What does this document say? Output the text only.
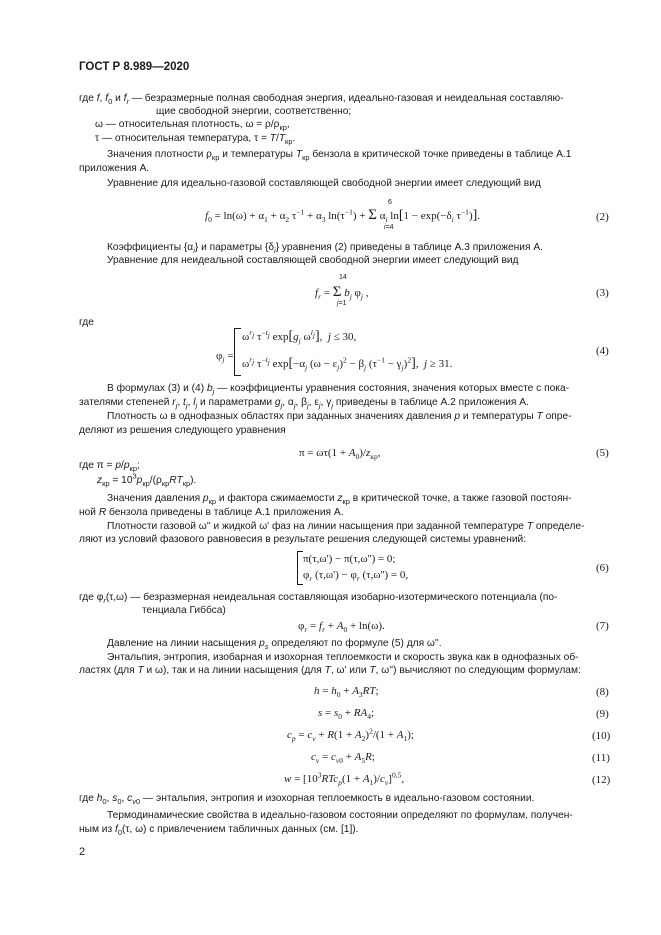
ГОСТ Р 8.989—2020
где f, $f_0$ и $f_r$ — безразмерные полная свободная энергия, идеально-газовая и неидеальная составляю-
щие свободной энергии, соответственно;
ω — относительная плотность, $\omega = \rho/\rho_{кр}$,
τ — относительная температура, $\tau = T/T_{кр}$.
Значения плотности $\rho_{кр}$ и температуры $T_{кр}$ бензола в критической точке приведены в таблице А.1
приложения А.
Уравнение для идеально-газовой составляющей свободной энергии имеет следующий вид
$f_0 = \ln(\omega) + \alpha_1 + \alpha_2$ $\tau^{-1} + \alpha_3$ $\ln(\tau^{-1}) + \Sigma$ $\alpha_i$ $\ln[1 - \exp(-\delta_i$ $\tau^{-1}$)].
6
i=4
(2)
Коэффициенты $\{\alpha_i\}$ и параметры $\{\delta_i\}$ уравнения (2) приведены в таблице А.3 приложения А.
Уравнение для неидеальной составляющей свободной энергии имеет следующий вид
14
$f_r = \Sigma$ $b_j$ $\varphi_j$ ,
j=1
(3)
где
$\varphi_j$ =
$\omega^{r_j}$ $\tau^{-t_j}$ $\exp[g_j$ $\omega^{l_j}$],  j ≤ 30,
$\omega^{r_j}$ $\tau^{-t_j}$ $\exp[-\alpha_j$ $(\omega - \varepsilon_j)^2 - \beta_j$ $(\tau^{-1} - \gamma_j)^2$],  j ≥ 31.
(4)
В формулах (3) и (4) $b_j$ — коэффициенты уравнения состояния, значения которых вместе с пока-
зателями степеней $r_j$, $t_j$, $l_j$ и параметрами $g_j$, $\alpha_j$, $\beta_j$, $\varepsilon_j$, $\gamma_j$ приведены в таблице А.2 приложения А.
Плотность ω в однофазных областях при заданных значениях давления p и температуры T опре-
деляют из решения следующего уравнения
$\pi = \omega\tau(1 + A_0)/z_{кр}$,	(5)
где $\pi = p/p_{кр}$;
$z_{кр} = 10^3p_{кр}/(\rho_{кр}RT_{кр})$.
Значения давления $p_{кр}$ и фактора сжимаемости $z_{кр}$ в критической точке, а также газовой постоян-
ной R бензола приведены в таблице А.1 приложения А.
Плотности газовой ω'' и жидкой ω' фаз на линии насыщения при заданной температуре T определе-
ляют из условий фазового равновесия в результате решения следующей системы уравнений:
π(τ,ω') − π(τ,ω'') = 0;
$\varphi_r$ $(\tau,\omega') - \varphi_r$ (τ,ω'') = 0,
(6)
где $\varphi_r(\tau,\omega)$ — безразмерная неидеальная составляющая изобарно-изотермического потенциала (по-
тенциала Гиббса)
$\varphi_r = f_r + A_0 + \ln(\omega)$.	(7)
Давление на линии насыщения $p_s$ определяют по формуле (5) для ω''.
Энтальпия, энтропия, изобарная и изохорная теплоемкости и скорость звука как в однофазных об-
ластях (для T и ω), так и на линии насыщения (для T, ω' или T, ω'') вычисляют по следующим формулам:
$h = h_0 + A_3RT$;	(8)
$s = s_0 + RA_4$;	(9)
$c_p = c_v + R(1 + A_2)^2/(1 + A_1)$;	(10)
$c_v = c_{v0} + A_5R$;	(11)
$w = [10^3RTc_p(1 + A_1)/c_v]^{0,5}$,	(12)
где $h_0$, $s_0$, $c_{v0}$ — энтальпия, энтропия и изохорная теплоемкость в идеально-газовом состоянии.
Термодинамические свойства в идеально-газовом состоянии определяют по формулам, получен-
ным из $f_0(\tau$, ω) с привлечением табличных данных (см. [1]).
2
